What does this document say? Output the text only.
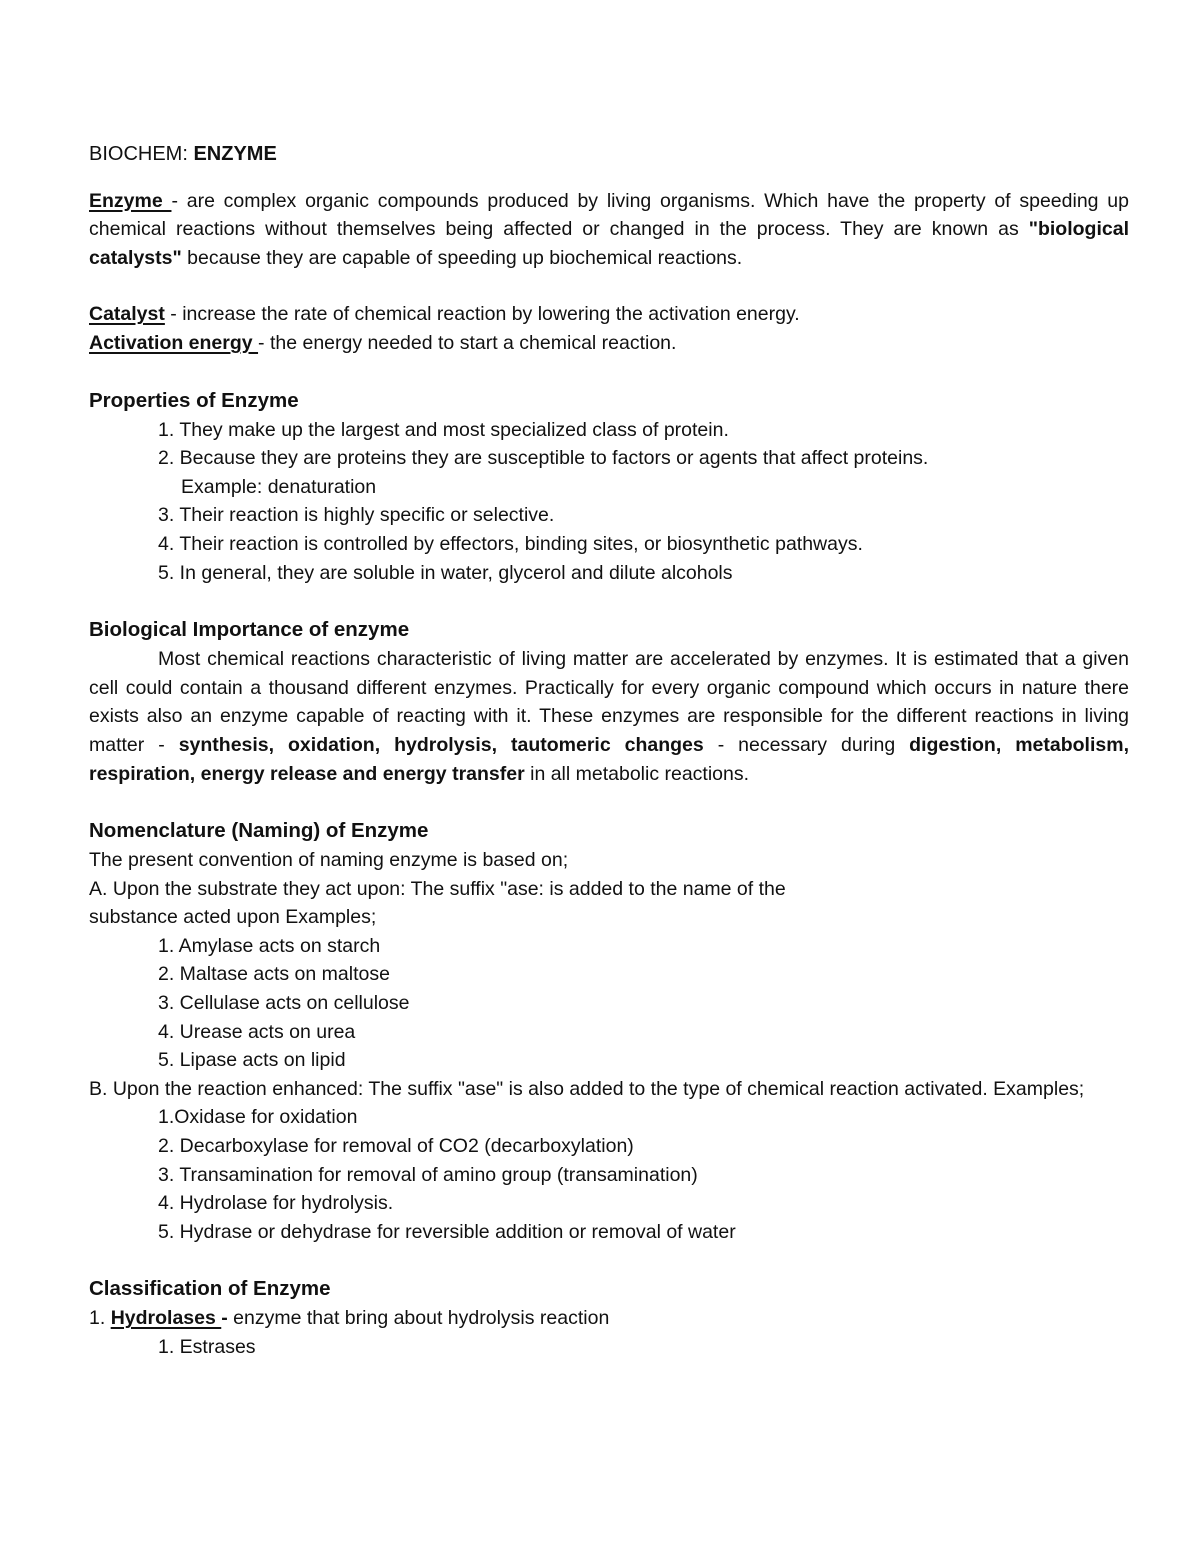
BIOCHEM: ENZYME

Enzyme - are complex organic compounds produced by living organisms. Which have the property of speeding up chemical reactions without themselves being affected or changed in the process. They are known as "biological catalysts" because they are capable of speeding up biochemical reactions.

Catalyst - increase the rate of chemical reaction by lowering the activation energy.

Activation energy - the energy needed to start a chemical reaction.

Properties of Enzyme

1. They make up the largest and most specialized class of protein.
2. Because they are proteins they are susceptible to factors or agents that affect proteins.
Example: denaturation
3. Their reaction is highly specific or selective.
4. Their reaction is controlled by effectors, binding sites, or biosynthetic pathways.
5. In general, they are soluble in water, glycerol and dilute alcohols

Biological Importance of enzyme

Most chemical reactions characteristic of living matter are accelerated by enzymes. It is estimated that a given cell could contain a thousand different enzymes. Practically for every organic compound which occurs in nature there exists also an enzyme capable of reacting with it. These enzymes are responsible for the different reactions in living matter - synthesis, oxidation, hydrolysis, tautomeric changes - necessary during digestion, metabolism, respiration, energy release and energy transfer in all metabolic reactions.

Nomenclature (Naming) of Enzyme

The present convention of naming enzyme is based on;

A. Upon the substrate they act upon: The suffix "ase: is added to the name of the

substance acted upon Examples;

1. Amylase acts on starch
2. Maltase acts on maltose
3. Cellulase acts on cellulose
4. Urease acts on urea
5. Lipase acts on lipid

B. Upon the reaction enhanced: The suffix "ase" is also added to the type of chemical reaction activated. Examples;

1.Oxidase for oxidation
2. Decarboxylase for removal of CO2 (decarboxylation)
3. Transamination for removal of amino group (transamination)
4. Hydrolase for hydrolysis.
5. Hydrase or dehydrase for reversible addition or removal of water

Classification of Enzyme

1. Hydrolases - enzyme that bring about hydrolysis reaction

1. Estrases
